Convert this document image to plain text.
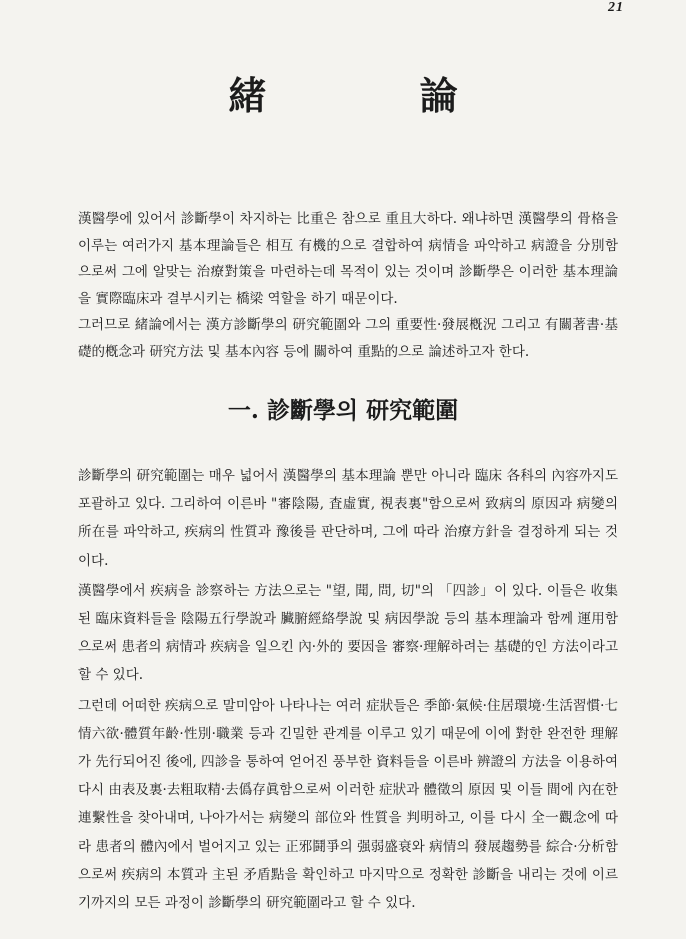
21
緒 論

漢醫學에 있어서 診斷學이 차지하는 比重은 참으로 重且大하다. 왜냐하면 漢醫學의 骨格을 이루는 여러가지 基本理論들은 相互 有機的으로 결합하여 病情을 파악하고 病證을 分別함으로써 그에 알맞는 治療對策을 마련하는데 목적이 있는 것이며 診斷學은 이러한 基本理論을 實際臨床과 결부시키는 橋梁 역할을 하기 때문이다.

그러므로 緒論에서는 漢方診斷學의 研究範圍와 그의 重要性·發展槪況 그리고 有關著書·基礎的槪念과 研究方法 및 基本內容 등에 關하여 重點的으로 論述하고자 한다.

一. 診斷學의 研究範圍

診斷學의 研究範圍는 매우 넓어서 漢醫學의 基本理論 뿐만 아니라 臨床 各科의 內容까지도 포괄하고 있다. 그리하여 이른바 "審陰陽, 査虛實, 視表裏"함으로써 致病의 原因과 病變의 所在를 파악하고, 疾病의 性質과 豫後를 판단하며, 그에 따라 治療方針을 결정하게 되는 것이다.

漢醫學에서 疾病을 診察하는 方法으로는 "望, 聞, 問, 切"의 「四診」이 있다. 이들은 收集된 臨床資料들을 陰陽五行學說과 臟腑經絡學說 및 病因學說 등의 基本理論과 함께 運用함으로써 患者의 病情과 疾病을 일으킨 內·外的 要因을 審察·理解하려는 基礎的인 方法이라고 할 수 있다.

그런데 어떠한 疾病으로 말미암아 나타나는 여러 症狀들은 季節·氣候·住居環境·生活習慣·七情六欲·體質年齡·性別·職業 등과 긴밀한 관계를 이루고 있기 때문에 이에 對한 완전한 理解가 先行되어진 後에, 四診을 통하여 얻어진 풍부한 資料들을 이른바 辨證의 方法을 이용하여 다시 由表及裏·去粗取精·去僞存眞함으로써 이러한 症狀과 體徵의 原因 및 이들 間에 內在한 連繫性을 찾아내며, 나아가서는 病變의 部位와 性質을 判明하고, 이를 다시 全一觀念에 따라 患者의 體內에서 벌어지고 있는 正邪鬪爭의 强弱盛衰와 病情의 發展趨勢를 綜合·分析함으로써 疾病의 本質과 主된 矛盾點을 확인하고 마지막으로 정확한 診斷을 내리는 것에 이르기까지의 모든 과정이 診斷學의 研究範圍라고 할 수 있다.
